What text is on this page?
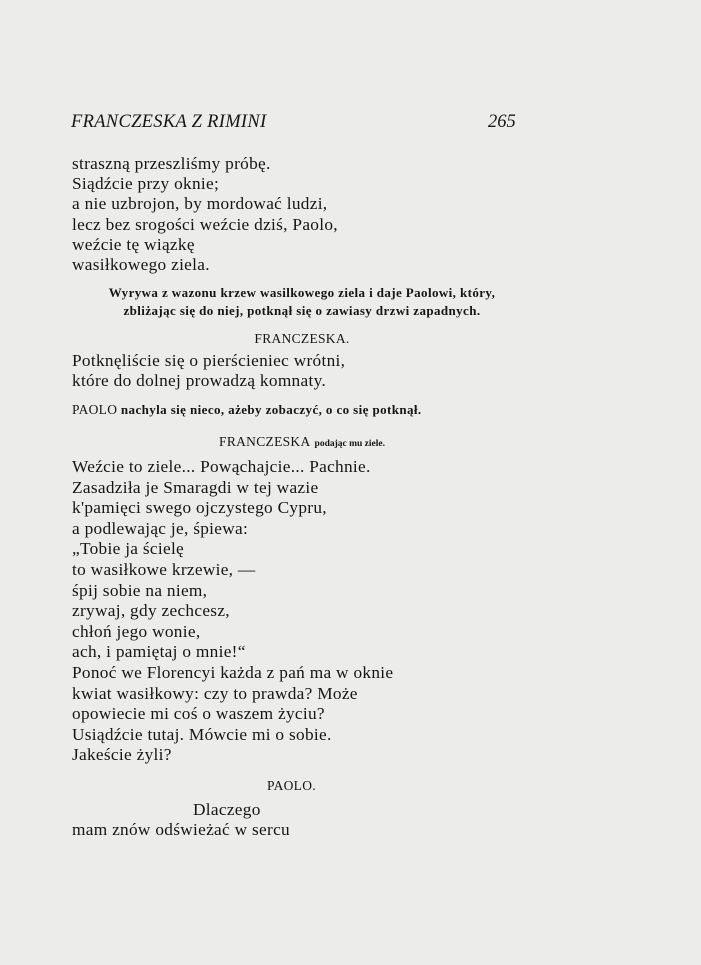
FRANCZESKA Z RIMINI	265
straszną przeszliśmy próbę.
Siądźcie przy oknie;
a nie uzbrojon, by mordować ludzi,
lecz bez srogości weźcie dziś, Paolo,
weźcie tę wiązkę
wasiłkowego ziela.
Wyrywa z wazonu krzew wasilkowego ziela i daje Paolowi, który,
zbliżając się do niej, potknął się o zawiasy drzwi zapadnych.
FRANCZESKA.
Potknęliście się o pierścieniec wrótni,
które do dolnej prowadzą komnaty.
PAOLO nachyla się nieco, ażeby zobaczyć, o co się potknął.
FRANCZESKA podając mu ziele.
Weźcie to ziele... Powąchajcie... Pachnie.
Zasadziła je Smaragdi w tej wazie
k'pamięci swego ojczystego Cypru,
a podlewając je, śpiewa:
„Tobie ja ścielę
to wasiłkowe krzewie, —
śpij sobie na niem,
zrywaj, gdy zechcesz,
chłoń jego wonie,
ach, i pamiętaj o mnie!“
Ponoć we Florencyi każda z pań ma w oknie
kwiat wasiłkowy: czy to prawda? Może
opowiecie mi coś o waszem życiu?
Usiądźcie tutaj. Mówcie mi o sobie.
Jakeście żyli?
PAOLO.
Dlaczego
mam znów odświeżać w sercu
